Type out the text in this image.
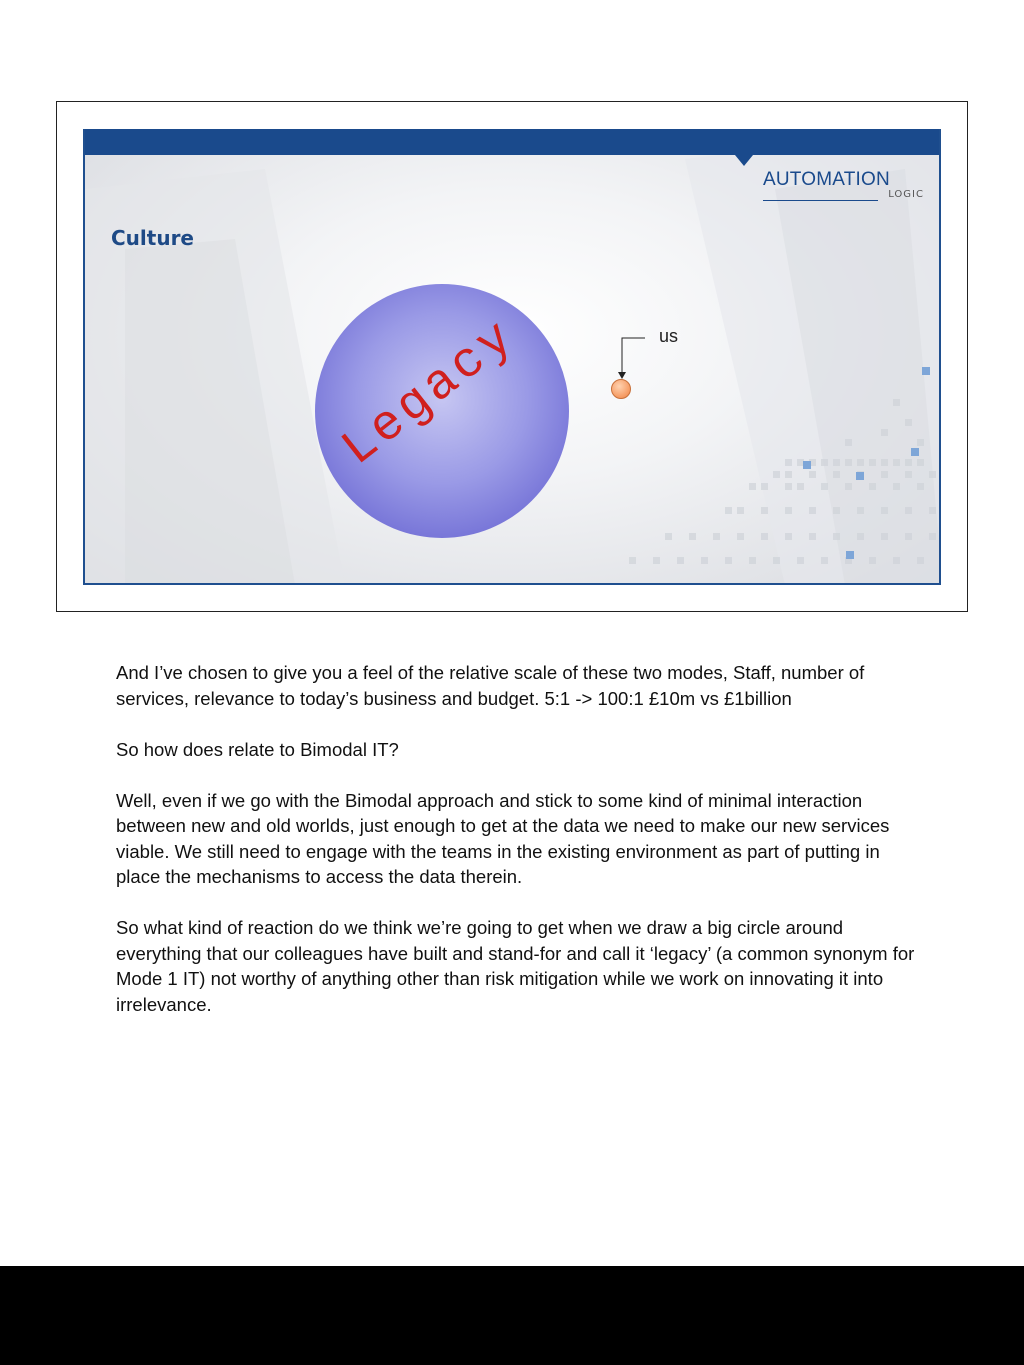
AUTOMATION
LOGIC
Culture
Legacy	us

And I’ve chosen to give you a feel of the relative scale of these two modes, Staff, number of services, relevance to today’s business and budget. 5:1 -> 100:1 £10m vs £1billion

So how does relate to Bimodal IT?

Well, even if we go with the Bimodal approach and stick to some kind of minimal interaction between new and old worlds, just enough to get at the data we need to make our new services viable. We still need to engage with the teams in the existing environment as part of putting in place the mechanisms to access the data therein.

So what kind of reaction do we think we’re going to get when we draw a big circle around everything that our colleagues have built and stand-for and call it ‘legacy’ (a common synonym for Mode 1 IT) not worthy of anything other than risk mitigation while we work on innovating it into irrelevance.
